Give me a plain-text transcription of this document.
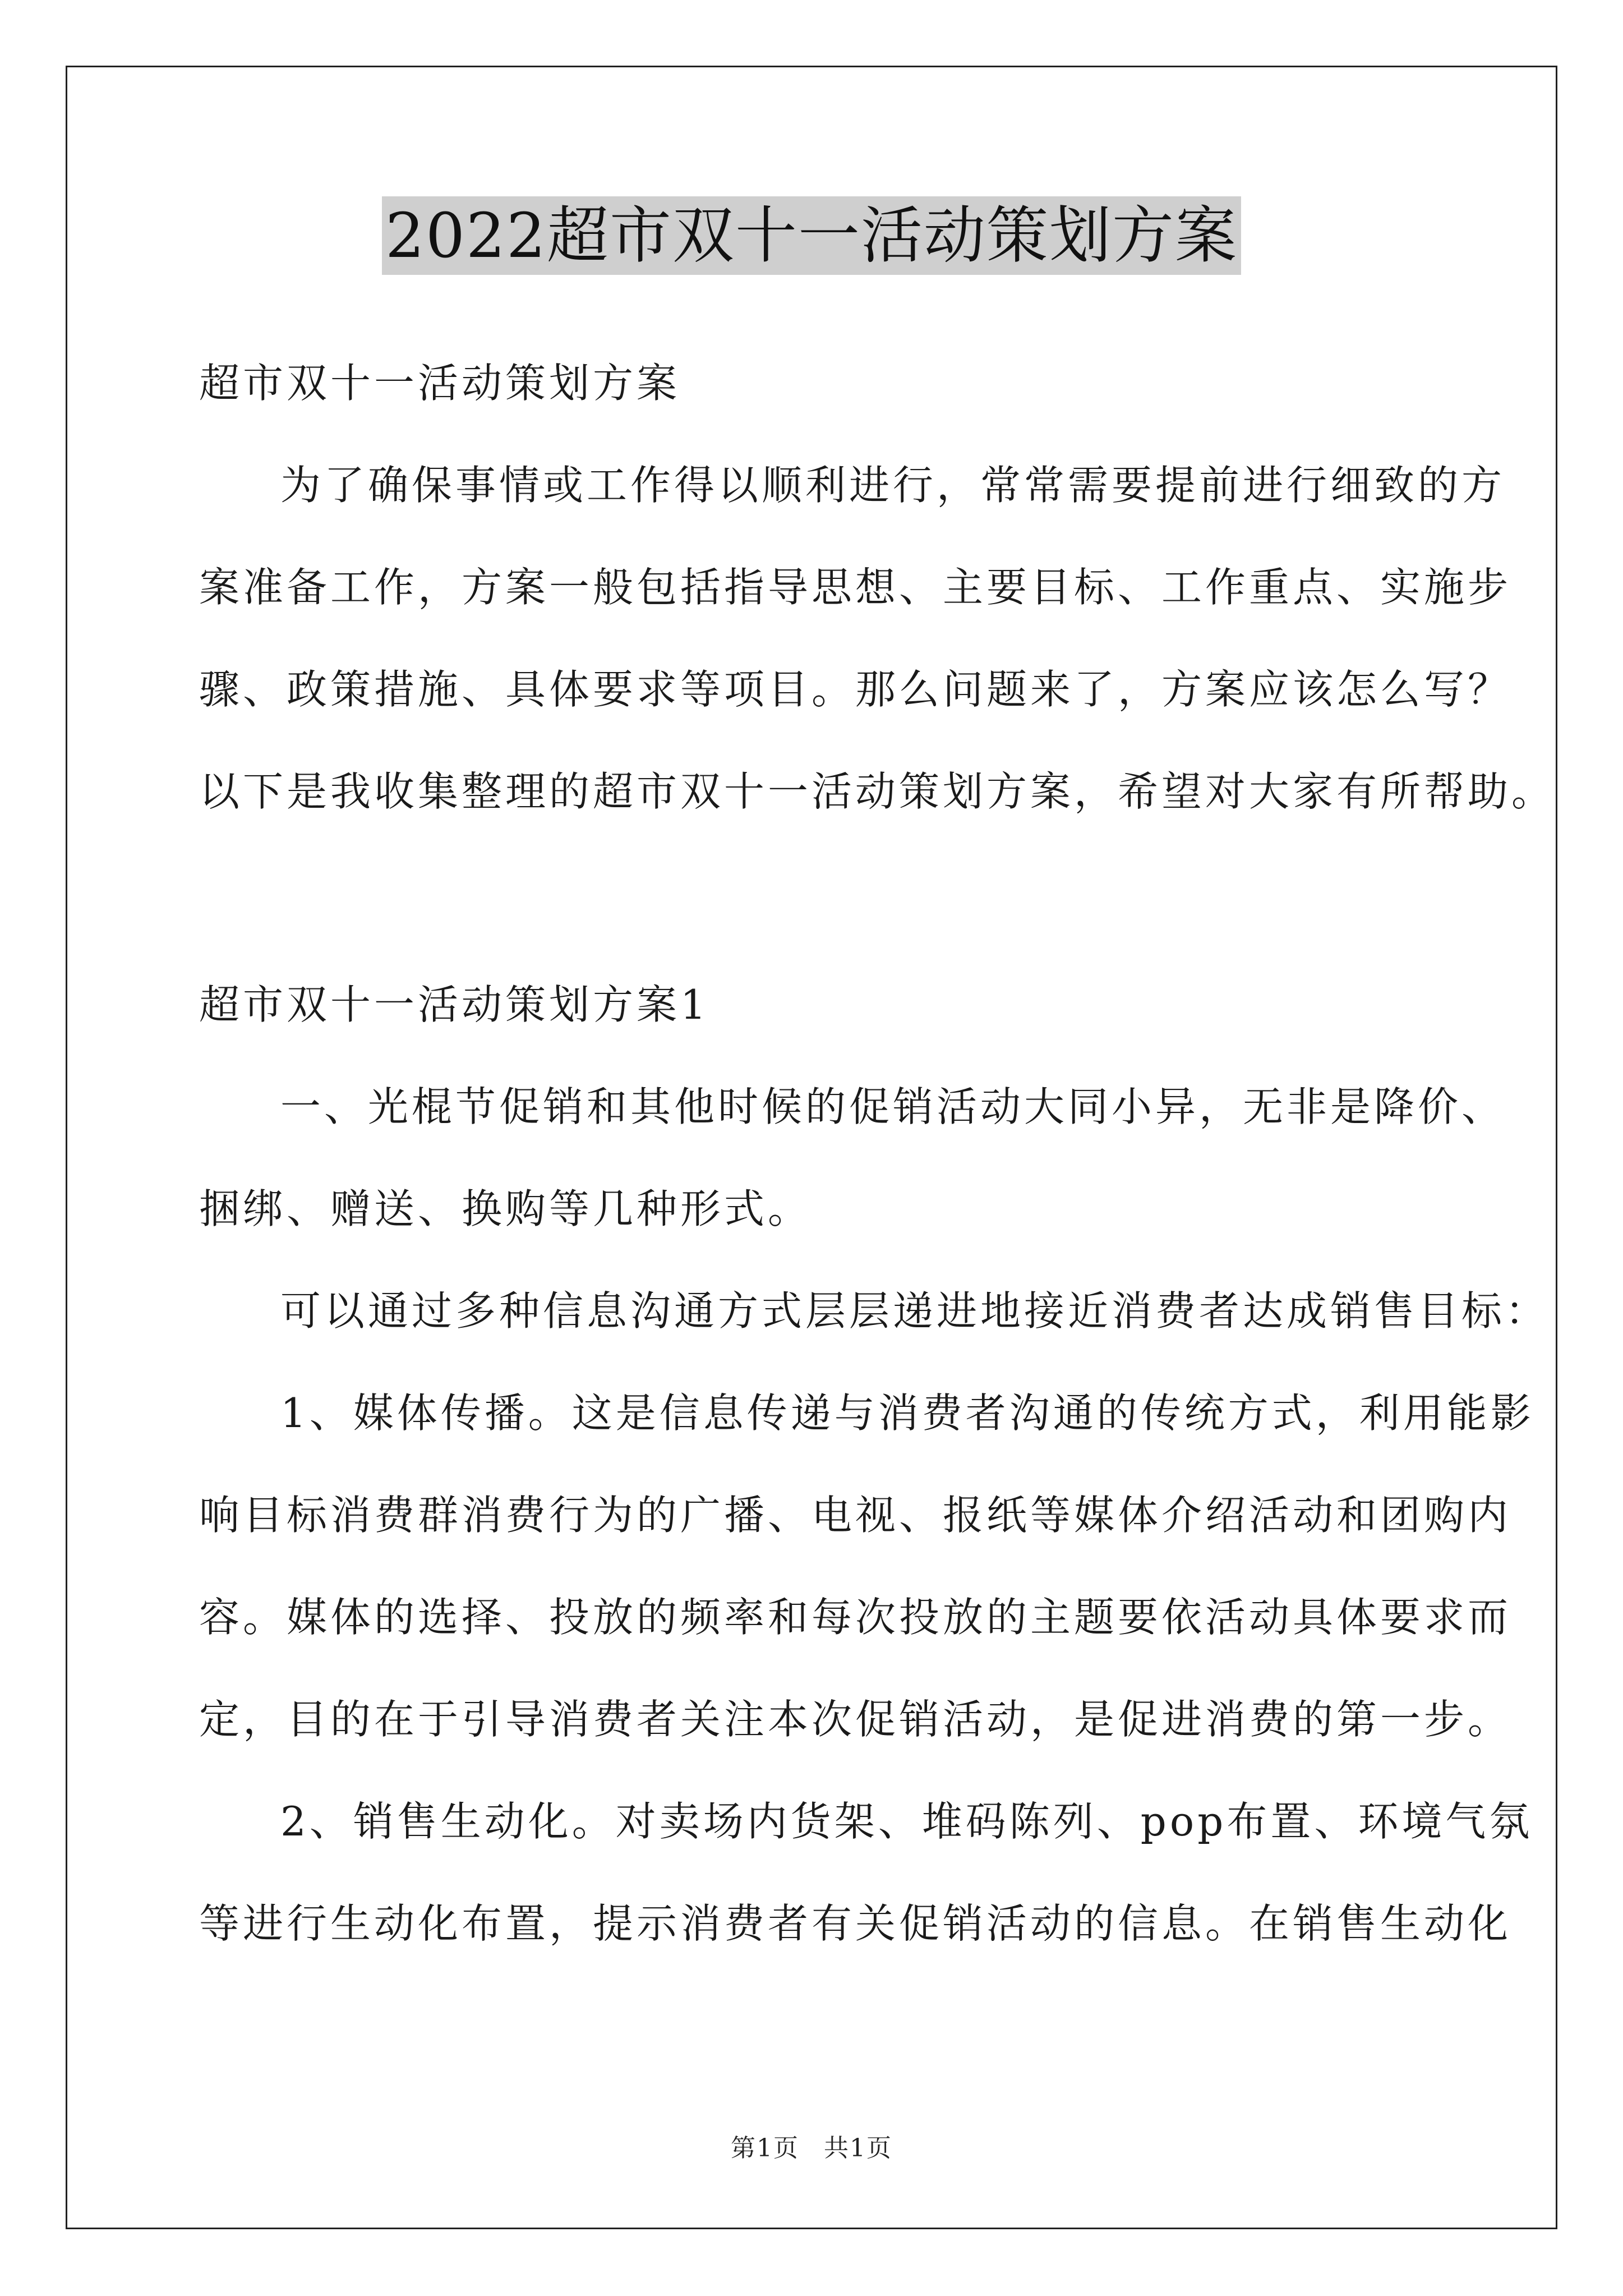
2022超市双十一活动策划方案
超市双十一活动策划方案
为了确保事情或工作得以顺利进行，常常需要提前进行细致的方
案准备工作，方案一般包括指导思想、主要目标、工作重点、实施步
骤、政策措施、具体要求等项目。那么问题来了，方案应该怎么写？
以下是我收集整理的超市双十一活动策划方案，希望对大家有所帮助。
超市双十一活动策划方案1
一、光棍节促销和其他时候的促销活动大同小异，无非是降价、
捆绑、赠送、换购等几种形式。
可以通过多种信息沟通方式层层递进地接近消费者达成销售目标：
1、媒体传播。这是信息传递与消费者沟通的传统方式，利用能影
响目标消费群消费行为的广播、电视、报纸等媒体介绍活动和团购内
容。媒体的选择、投放的频率和每次投放的主题要依活动具体要求而
定，目的在于引导消费者关注本次促销活动，是促进消费的第一步。
2、销售生动化。对卖场内货架、堆码陈列、pop布置、环境气氛
等进行生动化布置，提示消费者有关促销活动的信息。在销售生动化
第1页 共1页
